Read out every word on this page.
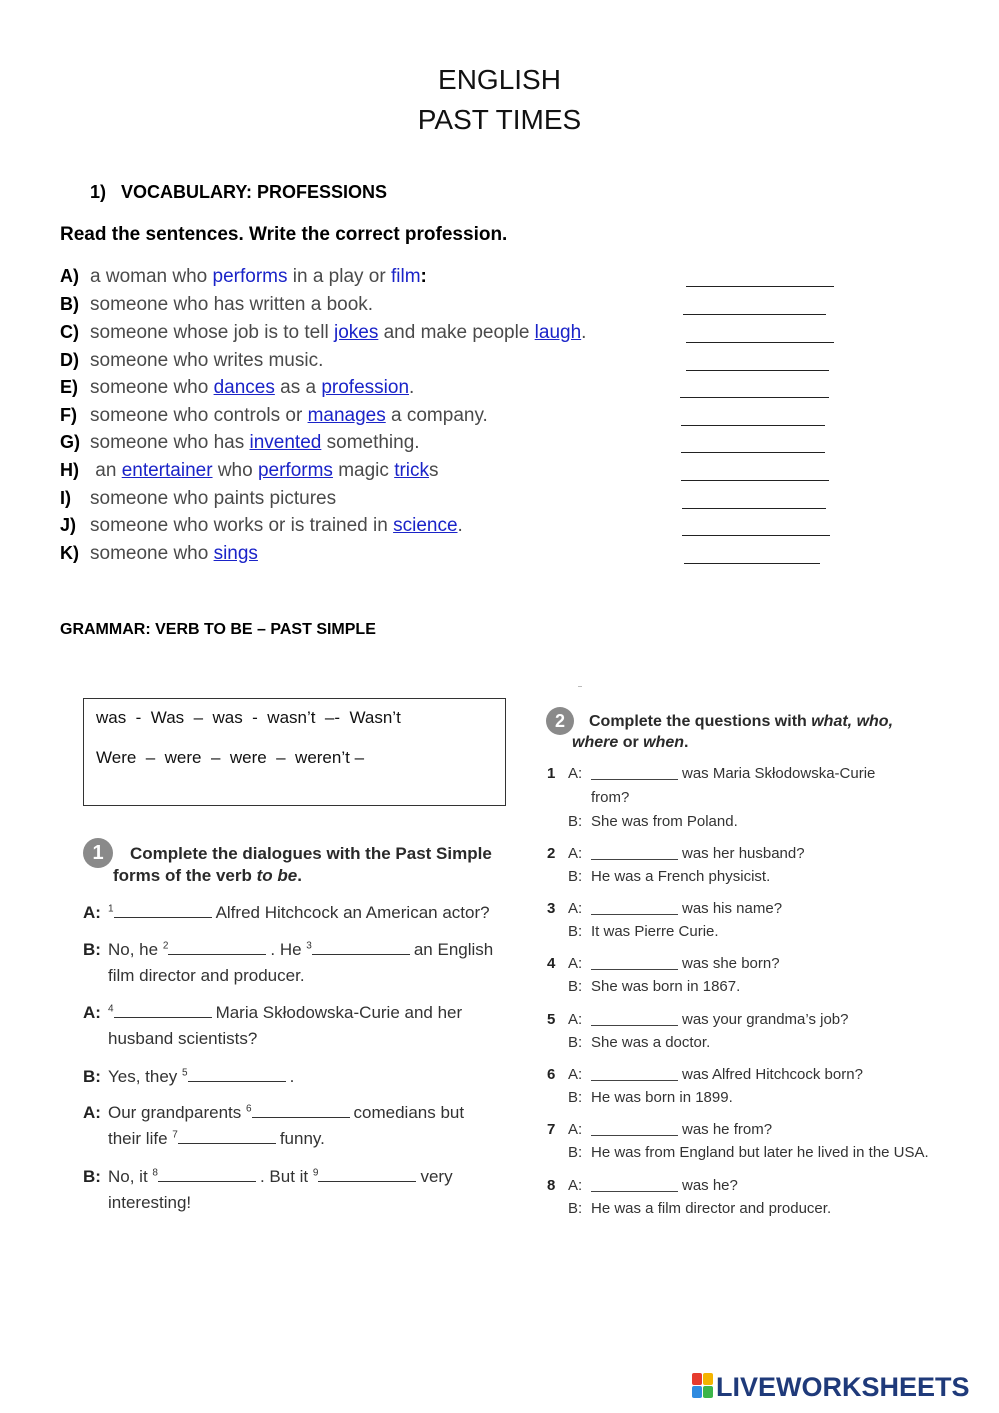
ENGLISH
PAST TIMES
1)   VOCABULARY: PROFESSIONS
Read the sentences. Write the correct profession.
A) a woman who performs in a play or film:
B) someone who has written a book.
C) someone whose job is to tell jokes and make people laugh.
D) someone who writes music.
E) someone who dances as a profession.
F) someone who controls or manages a company.
G) someone who has invented something.
H) an entertainer who performs magic tricks
I) someone who paints pictures
J) someone who works or is trained in science.
K) someone who sings
GRAMMAR: VERB TO BE – PAST SIMPLE
was  -  Was  –  was  -  wasn’t  –-  Wasn’t
Were  –  were  –  were  –  weren’t –
1	Complete the dialogues with the Past Simple
forms of the verb to be.
A: $^1$	Alfred Hitchcock an American actor?
B: No, he $^2$	. He $^3$	an English
film director and producer.
A: $^4$	Maria Skłodowska-Curie and her
husband scientists?
B: Yes, they $^5$	.
A: Our grandparents $^6$	comedians but
their life $^7$	funny.
B: No, it $^8$	. But it $^9$	very
interesting!
2	Complete the questions with what, who,
where or when.
1 A:	was Maria Skłodowska-Curie
from?
B: She was from Poland.
2 A:	was her husband?
B: He was a French physicist.
3 A:	was his name?
B: It was Pierre Curie.
4 A:	was she born?
B: She was born in 1867.
5 A:	was your grandma’s job?
B: She was a doctor.
6 A:	was Alfred Hitchcock born?
B: He was born in 1899.
7 A:	was he from?
B: He was from England but later he lived in the USA.
8 A:	was he?
B: He was a film director and producer.
LIVEWORKSHEETS
